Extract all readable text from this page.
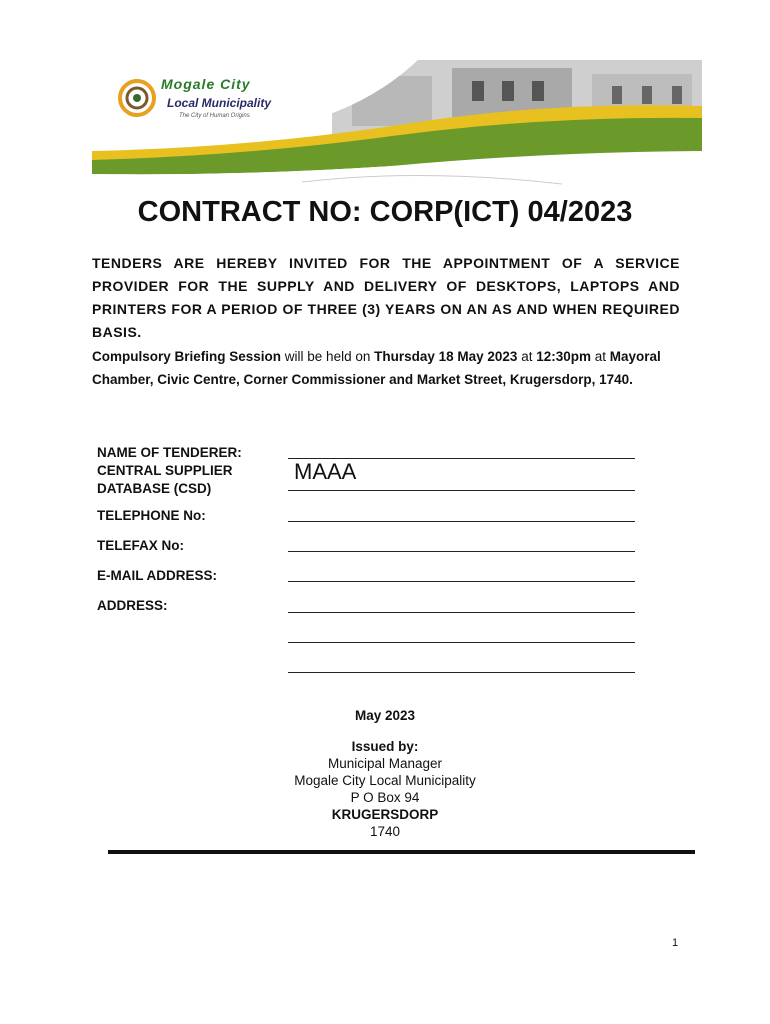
Mogale City
Local Municipality
The City of Human Origins
CONTRACT NO: CORP(ICT) 04/2023

TENDERS ARE HEREBY INVITED FOR THE APPOINTMENT OF A SERVICE PROVIDER FOR THE SUPPLY AND DELIVERY OF DESKTOPS, LAPTOPS AND PRINTERS FOR A PERIOD OF THREE (3) YEARS ON AN AS AND WHEN REQUIRED BASIS.

Compulsory Briefing Session will be held on Thursday 18 May 2023 at 12:30pm at Mayoral Chamber, Civic Centre, Corner Commissioner and Market Street, Krugersdorp, 1740.

NAME OF TENDERER:
CENTRAL SUPPLIER
DATABASE (CSD)
MAAA
TELEPHONE No:
TELEFAX No:
E-MAIL ADDRESS:
ADDRESS:
May 2023
Issued by:
Municipal Manager
Mogale City Local Municipality
P O Box 94
KRUGERSDORP
1740
1
